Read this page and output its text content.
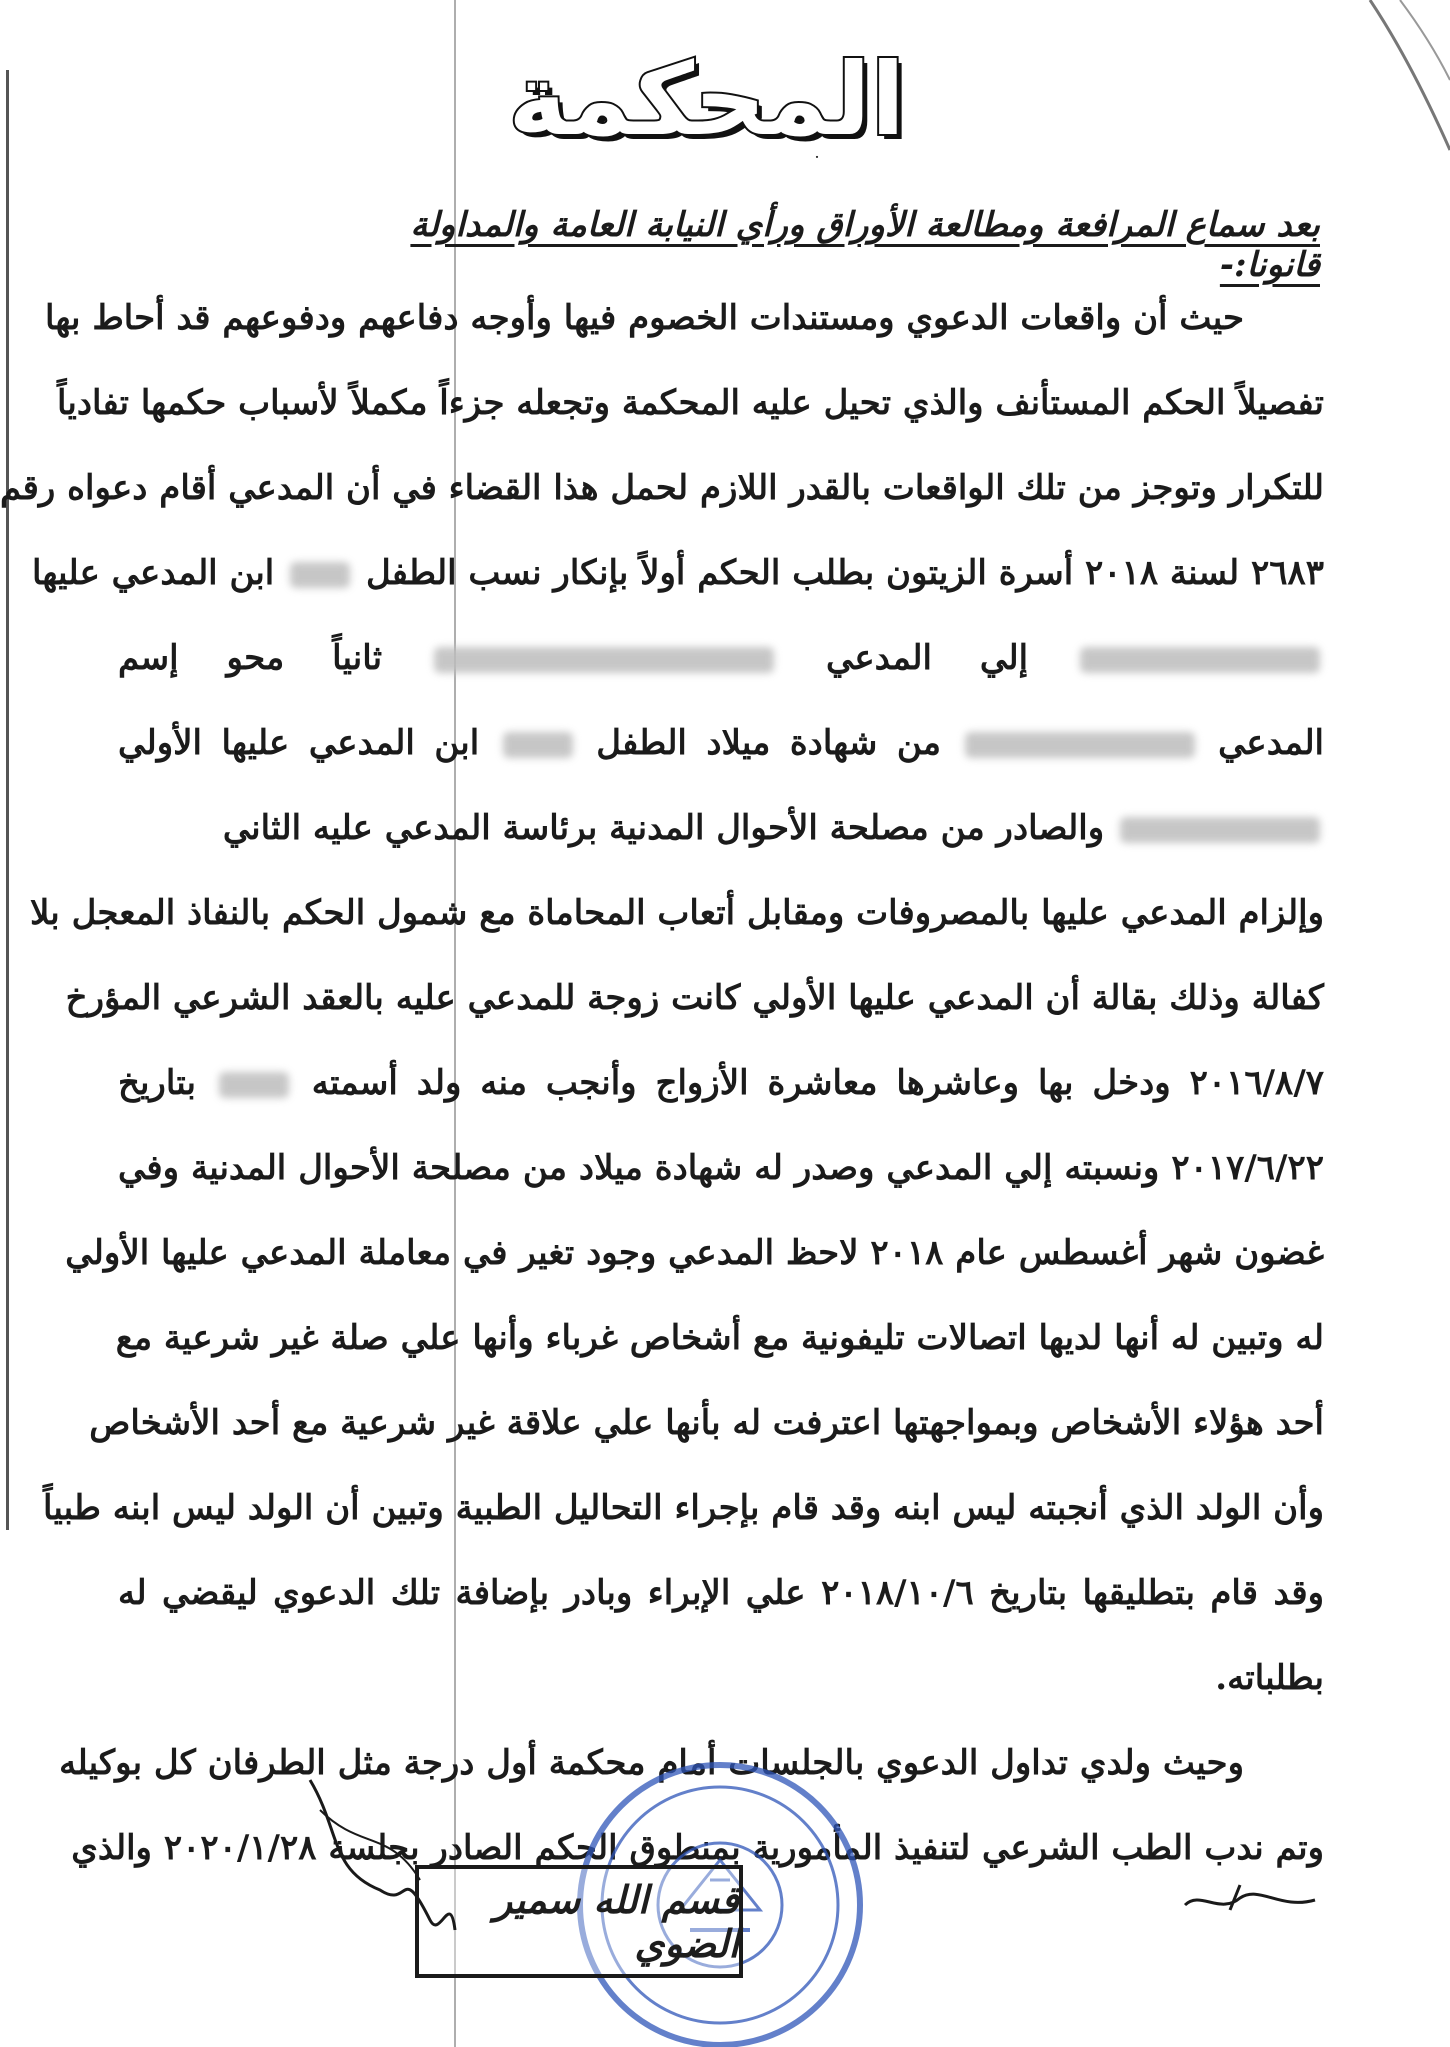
المحكمة
بعد سماع المرافعة ومطالعة الأوراق ورأي النيابة العامة والمداولة قانونا:-
حيث أن واقعات الدعوي ومستندات الخصوم فيها وأوجه دفاعهم ودفوعهم قد أحاط بها
تفصيلاً الحكم المستأنف والذي تحيل عليه المحكمة وتجعله جزءاً مكملاً لأسباب حكمها تفادياً
للتكرار وتوجز من تلك الواقعات بالقدر اللازم لحمل هذا القضاء في أن المدعي أقام دعواه رقم
٢٦٨٣ لسنة ٢٠١٨ أسرة الزيتون بطلب الحكم أولاً بإنكار نسب الطفل  ابن المدعي عليها
إلي المدعي  ثانياً محو إسم
المدعي  من شهادة ميلاد الطفل  ابن المدعي عليها الأولي
والصادر من مصلحة الأحوال المدنية برئاسة المدعي عليه الثاني
وإلزام المدعي عليها بالمصروفات ومقابل أتعاب المحاماة مع شمول الحكم بالنفاذ المعجل بلا
كفالة وذلك بقالة أن المدعي عليها الأولي كانت زوجة للمدعي عليه بالعقد الشرعي المؤرخ
٢٠١٦/٨/٧ ودخل بها وعاشرها معاشرة الأزواج وأنجب منه ولد أسمته  بتاريخ
٢٠١٧/٦/٢٢ ونسبته إلي المدعي وصدر له شهادة ميلاد من مصلحة الأحوال المدنية وفي
غضون شهر أغسطس عام ٢٠١٨ لاحظ المدعي وجود تغير في معاملة المدعي عليها الأولي
له وتبين له أنها لديها اتصالات تليفونية مع أشخاص غرباء وأنها علي صلة غير شرعية مع
أحد هؤلاء الأشخاص وبمواجهتها اعترفت له بأنها علي علاقة غير شرعية مع أحد الأشخاص
وأن الولد الذي أنجبته ليس ابنه وقد قام بإجراء التحاليل الطبية وتبين أن الولد ليس ابنه طبياً
وقد قام بتطليقها بتاريخ ٢٠١٨/١٠/٦ علي الإبراء وبادر بإضافة تلك الدعوي ليقضي له
بطلباته.
وحيث ولدي تداول الدعوي بالجلسات أمام محكمة أول درجة مثل الطرفان كل بوكيله
وتم ندب الطب الشرعي لتنفيذ المأمورية بمنطوق الحكم الصادر بجلسة ٢٠٢٠/١/٢٨ والذي
قسم الله سمير الضوي
